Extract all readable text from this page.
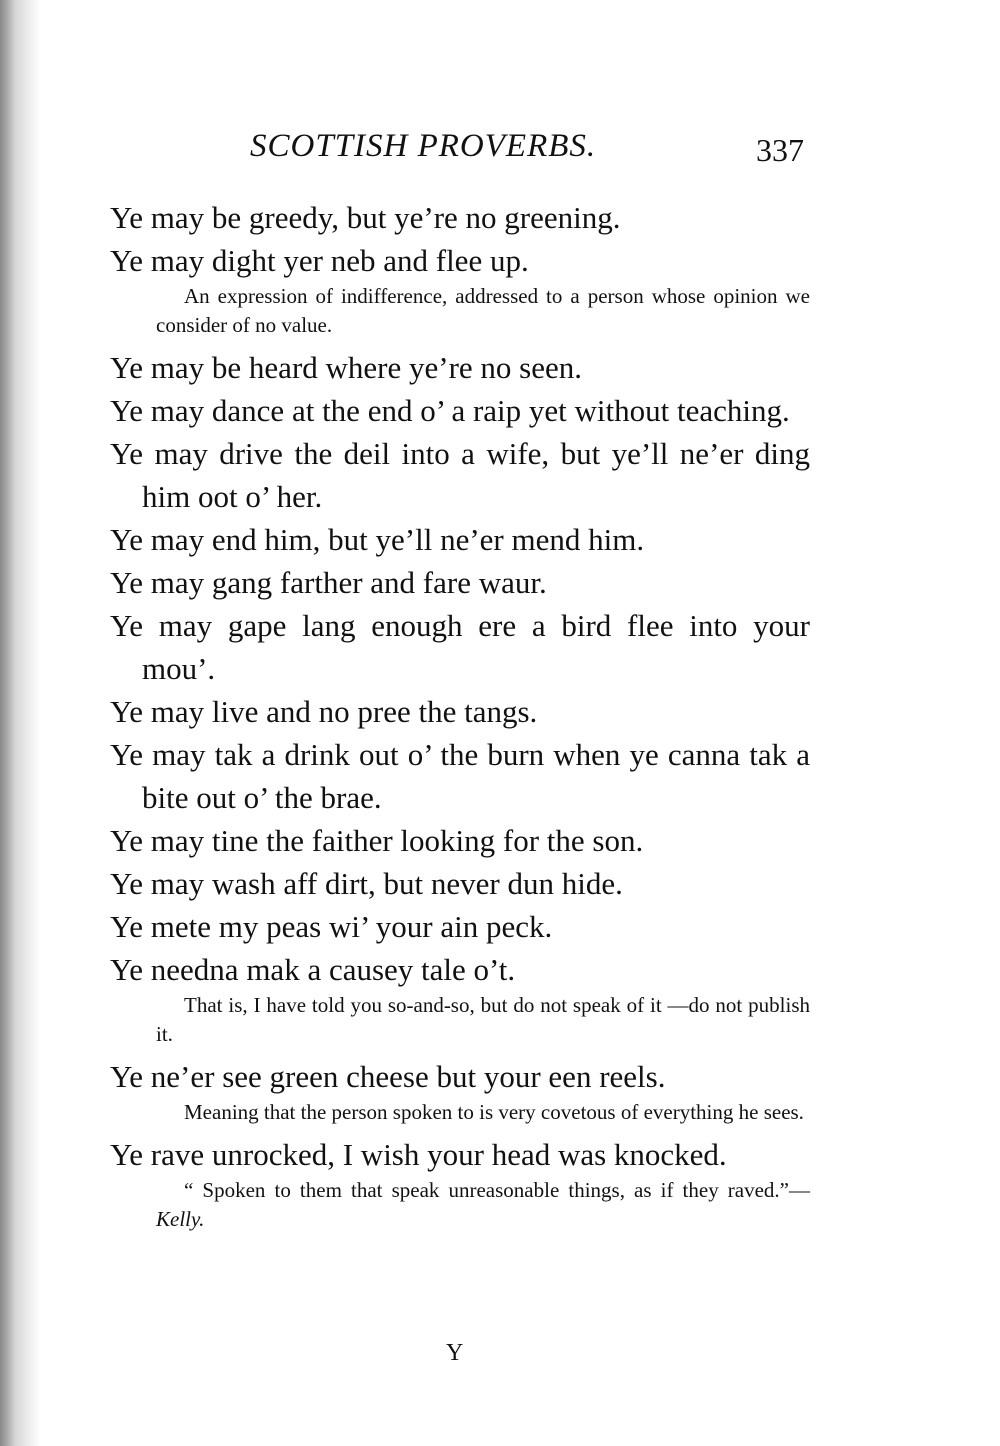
SCOTTISH PROVERBS.	337

Ye may be greedy, but ye’re no greening.

Ye may dight yer neb and flee up.

An expression of indifference, addressed to a person whose opinion we consider of no value.

Ye may be heard where ye’re no seen.

Ye may dance at the end o’ a raip yet without teaching.

Ye may drive the deil into a wife, but ye’ll ne’er ding him oot o’ her.

Ye may end him, but ye’ll ne’er mend him.

Ye may gang farther and fare waur.

Ye may gape lang enough ere a bird flee into your mou’.

Ye may live and no pree the tangs.

Ye may tak a drink out o’ the burn when ye canna tak a bite out o’ the brae.

Ye may tine the faither looking for the son.

Ye may wash aff dirt, but never dun hide.

Ye mete my peas wi’ your ain peck.

Ye needna mak a causey tale o’t.

That is, I have told you so-and-so, but do not speak of it —do not publish it.

Ye ne’er see green cheese but your een reels.

Meaning that the person spoken to is very covetous of everything he sees.

Ye rave unrocked, I wish your head was knocked.

“ Spoken to them that speak unreasonable things, as if they raved.”—Kelly.

Y
